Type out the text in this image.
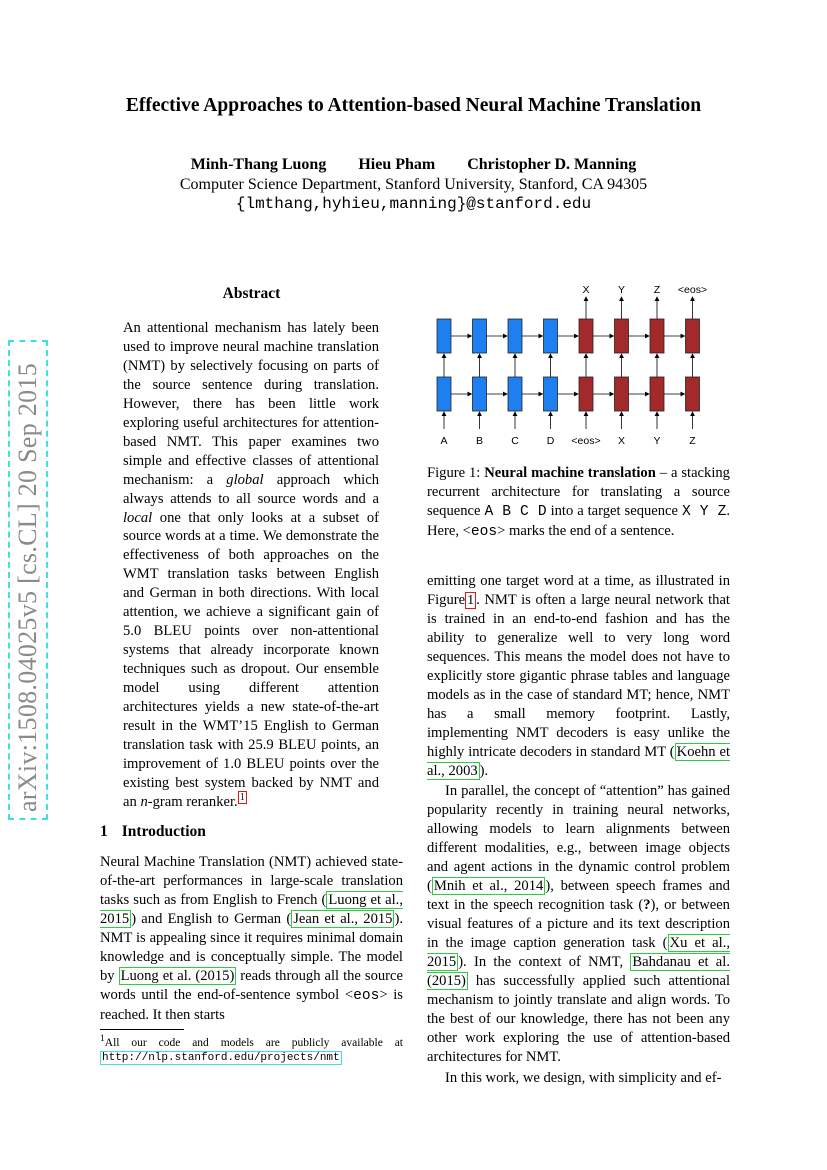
Effective Approaches to Attention-based Neural Machine Translation
Minh-Thang Luong Hieu Pham Christopher D. Manning
Computer Science Department, Stanford University, Stanford, CA 94305
{lmthang,hyhieu,manning}@stanford.edu
arXiv:1508.04025v5 [cs.CL] 20 Sep 2015
Abstract
An attentional mechanism has lately been used to improve neural machine translation (NMT) by selectively focusing on parts of the source sentence during translation. However, there has been little work exploring useful architectures for attention-based NMT. This paper examines two simple and effective classes of attentional mechanism: a global approach which always attends to all source words and a local one that only looks at a subset of source words at a time. We demonstrate the effectiveness of both approaches on the WMT translation tasks between English and German in both directions. With local attention, we achieve a significant gain of 5.0 BLEU points over non-attentional systems that already incorporate known techniques such as dropout. Our ensemble model using different attention architectures yields a new state-of-the-art result in the WMT’15 English to German translation task with 25.9 BLEU points, an improvement of 1.0 BLEU points over the existing best system backed by NMT and an n-gram reranker. $^1$
1 Introduction
Neural Machine Translation (NMT) achieved state-of-the-art performances in large-scale translation tasks such as from English to French ( Luong et al., 2015 ) and English to German ( Jean et al., 2015 ). NMT is appealing since it requires minimal domain knowledge and is conceptually simple. The model by Luong et al. (2015) reads through all the source words until the end-of-sentence symbol <eos> is reached. It then starts
$^1$All our code and models are publicly available at http://nlp.stanford.edu/projects/nmt
A	B	C	D <eos>
X
X
Y
Y
Z
Z
<eos>
Figure 1: Neural machine translation – a stacking recurrent architecture for translating a source sequence A B C D into a target sequence X Y Z. Here, <eos> marks the end of a sentence.

emitting one target word at a time, as illustrated in Figure 1 . NMT is often a large neural network that is trained in an end-to-end fashion and has the ability to generalize well to very long word sequences. This means the model does not have to explicitly store gigantic phrase tables and language models as in the case of standard MT; hence, NMT has a small memory footprint. Lastly, implementing NMT decoders is easy unlike the highly intricate decoders in standard MT ( Koehn et al., 2003 ).

In parallel, the concept of “attention” has gained popularity recently in training neural networks, allowing models to learn alignments between different modalities, e.g., between image objects and agent actions in the dynamic control problem ( Mnih et al., 2014 ), between speech frames and text in the speech recognition task (?), or between visual features of a picture and its text description in the image caption generation task ( Xu et al., 2015 ). In the context of NMT, Bahdanau et al. (2015) has successfully applied such attentional mechanism to jointly translate and align words. To the best of our knowledge, there has not been any other work exploring the use of attention-based architectures for NMT.

In this work, we design, with simplicity and ef-
